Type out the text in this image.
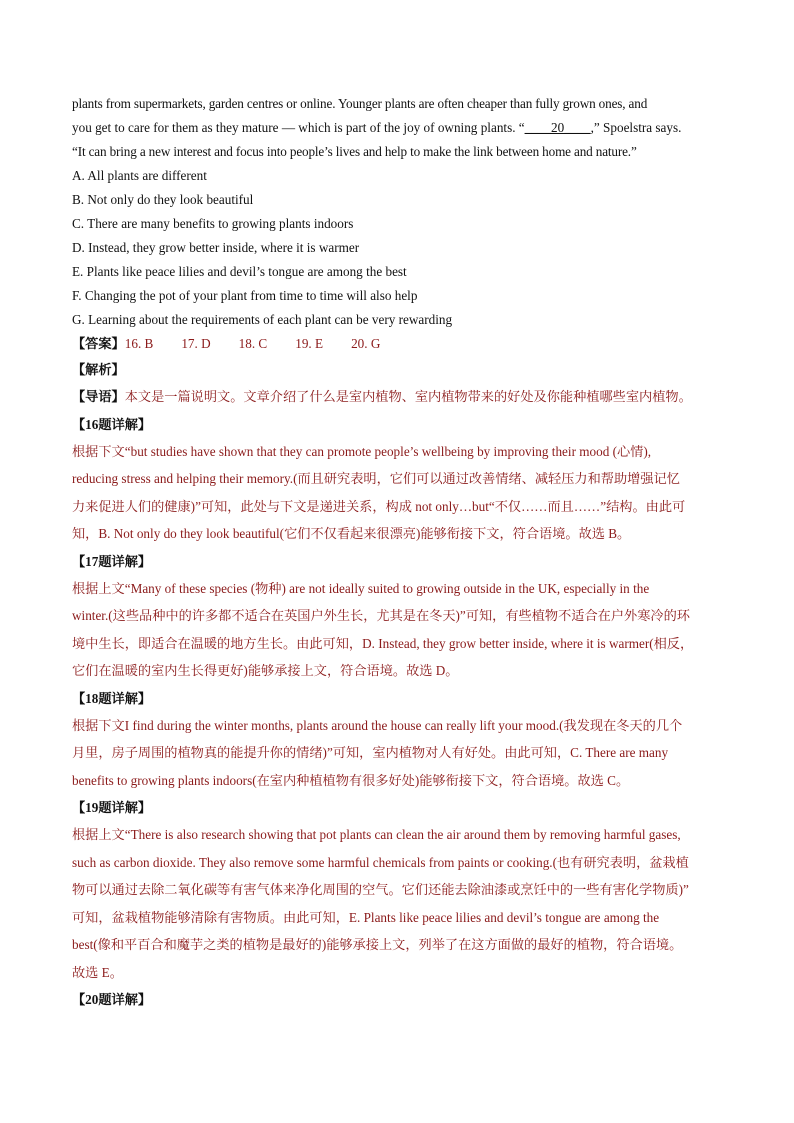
plants from supermarkets, garden centres or online. Younger plants are often cheaper than fully grown ones, and
you get to care for them as they mature — which is part of the joy of owning plants. “____20____,” Spoelstra says.
“It can bring a new interest and focus into people’s lives and help to make the link between home and nature.”
A. All plants are different
B. Not only do they look beautiful
C. There are many benefits to growing plants indoors
D. Instead, they grow better inside, where it is warmer
E. Plants like peace lilies and devil’s tongue are among the best
F. Changing the pot of your plant from time to time will also help
G. Learning about the requirements of each plant can be very rewarding
【答案】16. B 17. D 18. C 19. E 20. G
【解析】
【导语】本文是一篇说明文。文章介绍了什么是室内植物、室内植物带来的好处及你能种植哪些室内植物。
【16题详解】
根据下文“but studies have shown that they can promote people’s wellbeing by improving their mood (心情),
reducing stress and helping their memory.(而且研究表明，它们可以通过改善情绪、减轻压力和帮助增强记忆
力来促进人们的健康)”可知，此处与下文是递进关系，构成 not only…but“不仅……而且……”结构。由此可
知，B. Not only do they look beautiful(它们不仅看起来很漂亮)能够衔接下文，符合语境。故选 B。
【17题详解】
根据上文“Many of these species (物种) are not ideally suited to growing outside in the UK, especially in the
winter.(这些品种中的许多都不适合在英国户外生长，尤其是在冬天)”可知，有些植物不适合在户外寒冷的环
境中生长，即适合在温暖的地方生长。由此可知，D. Instead, they grow better inside, where it is warmer(相反，
它们在温暖的室内生长得更好)能够承接上文，符合语境。故选 D。
【18题详解】
根据下文I find during the winter months, plants around the house can really lift your mood.(我发现在冬天的几个
月里，房子周围的植物真的能提升你的情绪)”可知，室内植物对人有好处。由此可知，C. There are many
benefits to growing plants indoors(在室内种植植物有很多好处)能够衔接下文，符合语境。故选 C。
【19题详解】
根据上文“There is also research showing that pot plants can clean the air around them by removing harmful gases,
such as carbon dioxide. They also remove some harmful chemicals from paints or cooking.(也有研究表明，盆栽植
物可以通过去除二氧化碳等有害气体来净化周围的空气。它们还能去除油漆或烹饪中的一些有害化学物质)”
可知，盆栽植物能够清除有害物质。由此可知，E. Plants like peace lilies and devil’s tongue are among the
best(像和平百合和魔芋之类的植物是最好的)能够承接上文，列举了在这方面做的最好的植物，符合语境。
故选 E。
【20题详解】
